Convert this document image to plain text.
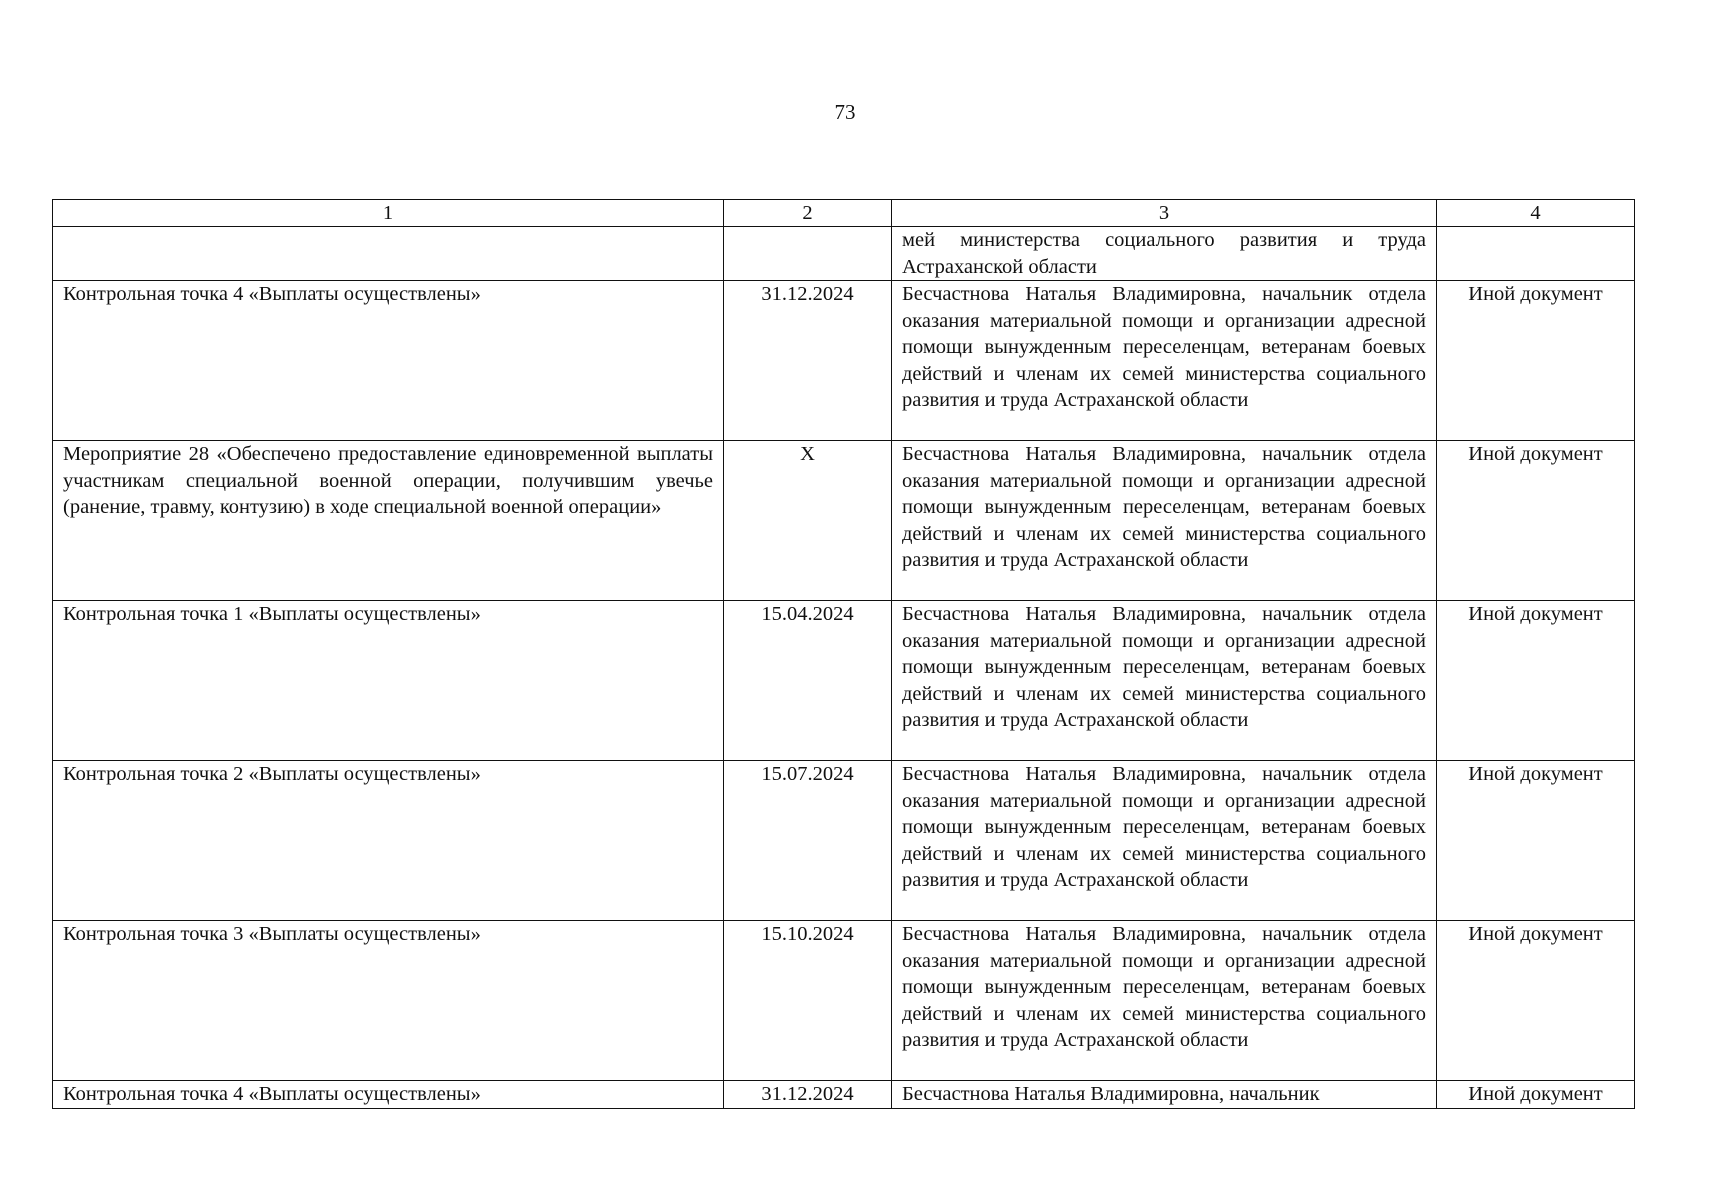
73
1	2	3	4
		мей министерства социального развития и труда Астраханской области	
Контрольная точка 4 «Выплаты осуществлены»	31.12.2024	Бесчастнова Наталья Владимировна, начальник отдела оказания материальной помощи и организации адресной помощи вынужденным переселенцам, ветеранам боевых действий и членам их семей министерства социального развития и труда Астраханской области	Иной документ
Мероприятие 28 «Обеспечено предоставление единовременной выплаты участникам специальной военной операции, получившим увечье (ранение, травму, контузию) в ходе специальной военной операции»	Х	Бесчастнова Наталья Владимировна, начальник отдела оказания материальной помощи и организации адресной помощи вынужденным переселенцам, ветеранам боевых действий и членам их семей министерства социального развития и труда Астраханской области	Иной документ
Контрольная точка 1 «Выплаты осуществлены»	15.04.2024	Бесчастнова Наталья Владимировна, начальник отдела оказания материальной помощи и организации адресной помощи вынужденным переселенцам, ветеранам боевых действий и членам их семей министерства социального развития и труда Астраханской области	Иной документ
Контрольная точка 2 «Выплаты осуществлены»	15.07.2024	Бесчастнова Наталья Владимировна, начальник отдела оказания материальной помощи и организации адресной помощи вынужденным переселенцам, ветеранам боевых действий и членам их семей министерства социального развития и труда Астраханской области	Иной документ
Контрольная точка 3 «Выплаты осуществлены»	15.10.2024	Бесчастнова Наталья Владимировна, начальник отдела оказания материальной помощи и организации адресной помощи вынужденным переселенцам, ветеранам боевых действий и членам их семей министерства социального развития и труда Астраханской области	Иной документ
Контрольная точка 4 «Выплаты осуществлены»	31.12.2024	Бесчастнова Наталья Владимировна, начальник	Иной документ
